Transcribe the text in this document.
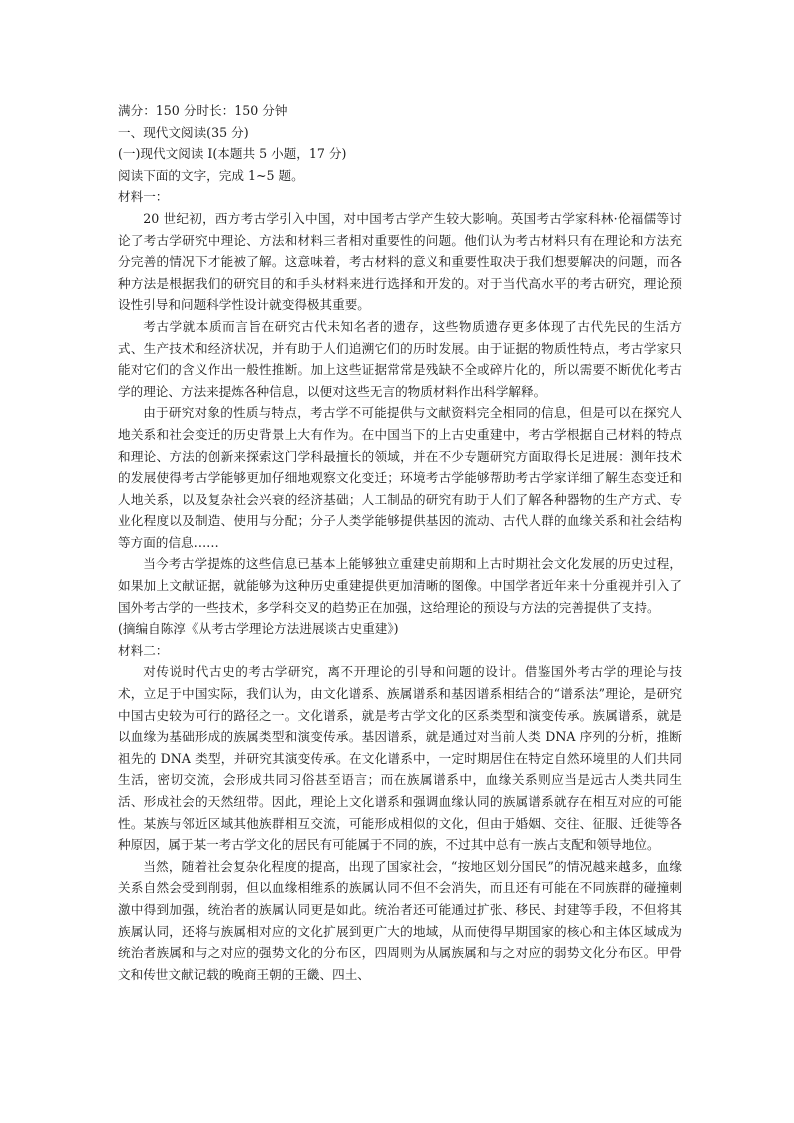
满分：150 分时长：150 分钟

一、现代文阅读(35 分)

(一)现代文阅读 I(本题共 5 小题，17 分)

阅读下面的文字，完成 1~5 题。

材料一：

20 世纪初，西方考古学引入中国，对中国考古学产生较大影响。英国考古学家科林·伦福儒等讨论了考古学研究中理论、方法和材料三者相对重要性的问题。他们认为考古材料只有在理论和方法充分完善的情况下才能被了解。这意味着，考古材料的意义和重要性取决于我们想要解决的问题，而各种方法是根据我们的研究目的和手头材料来进行选择和开发的。对于当代高水平的考古研究，理论预设性引导和问题科学性设计就变得极其重要。

考古学就本质而言旨在研究古代未知名者的遗存，这些物质遗存更多体现了古代先民的生活方式、生产技术和经济状况，并有助于人们追溯它们的历时发展。由于证据的物质性特点，考古学家只能对它们的含义作出一般性推断。加上这些证据常常是残缺不全或碎片化的，所以需要不断优化考古学的理论、方法来提炼各种信息，以便对这些无言的物质材料作出科学解释。

由于研究对象的性质与特点，考古学不可能提供与文献资料完全相同的信息，但是可以在探究人地关系和社会变迁的历史背景上大有作为。在中国当下的上古史重建中，考古学根据自己材料的特点和理论、方法的创新来探索这门学科最擅长的领域，并在不少专题研究方面取得长足进展：测年技术的发展使得考古学能够更加仔细地观察文化变迁；环境考古学能够帮助考古学家详细了解生态变迁和人地关系，以及复杂社会兴衰的经济基础；人工制品的研究有助于人们了解各种器物的生产方式、专业化程度以及制造、使用与分配；分子人类学能够提供基因的流动、古代人群的血缘关系和社会结构等方面的信息……

当今考古学提炼的这些信息已基本上能够独立重建史前期和上古时期社会文化发展的历史过程，如果加上文献证据，就能够为这种历史重建提供更加清晰的图像。中国学者近年来十分重视并引入了国外考古学的一些技术，多学科交叉的趋势正在加强，这给理论的预设与方法的完善提供了支持。

(摘编自陈淳《从考古学理论方法进展谈古史重建》)

材料二：

对传说时代古史的考古学研究，离不开理论的引导和问题的设计。借鉴国外考古学的理论与技术，立足于中国实际，我们认为，由文化谱系、族属谱系和基因谱系相结合的“谱系法”理论，是研究中国古史较为可行的路径之一。文化谱系，就是考古学文化的区系类型和演变传承。族属谱系，就是以血缘为基础形成的族属类型和演变传承。基因谱系，就是通过对当前人类 DNA 序列的分析，推断祖先的 DNA 类型，并研究其演变传承。在文化谱系中，一定时期居住在特定自然环境里的人们共同生活，密切交流，会形成共同习俗甚至语言；而在族属谱系中，血缘关系则应当是远古人类共同生活、形成社会的天然纽带。因此，理论上文化谱系和强调血缘认同的族属谱系就存在相互对应的可能性。某族与邻近区域其他族群相互交流，可能形成相似的文化，但由于婚姻、交往、征服、迁徙等各种原因，属于某一考古学文化的居民有可能属于不同的族，不过其中总有一族占支配和领导地位。

当然，随着社会复杂化程度的提高，出现了国家社会，“按地区划分国民”的情况越来越多，血缘关系自然会受到削弱，但以血缘相维系的族属认同不但不会消失，而且还有可能在不同族群的碰撞刺激中得到加强，统治者的族属认同更是如此。统治者还可能通过扩张、移民、封建等手段，不但将其族属认同，还将与族属相对应的文化扩展到更广大的地域，从而使得早期国家的核心和主体区域成为统治者族属和与之对应的强势文化的分布区，四周则为从属族属和与之对应的弱势文化分布区。甲骨文和传世文献记载的晚商王朝的王畿、四土、
